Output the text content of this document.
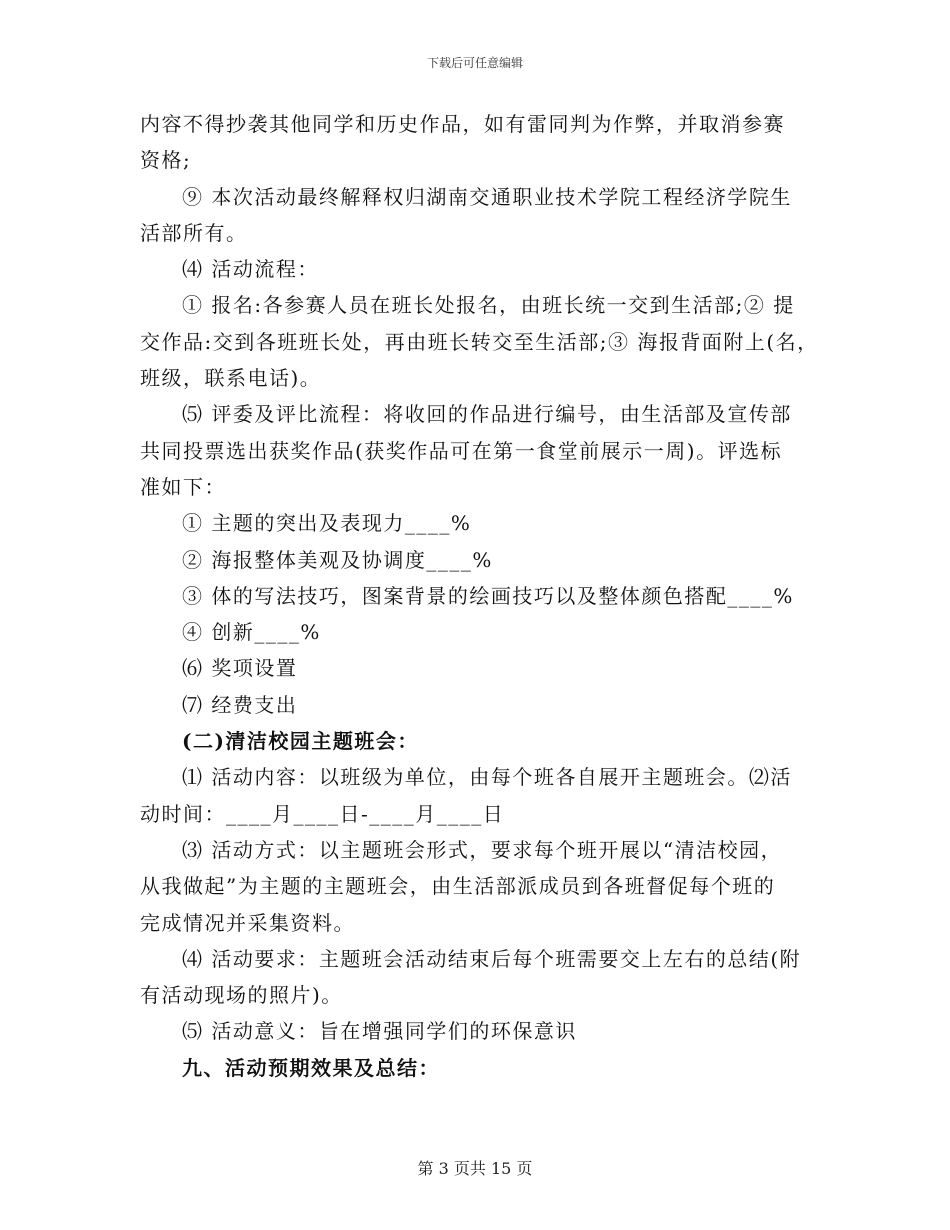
下载后可任意编辑
内容不得抄袭其他同学和历史作品，如有雷同判为作弊，并取消参赛
资格;
⑨ 本次活动最终解释权归湖南交通职业技术学院工程经济学院生
活部所有。
⑷ 活动流程：
① 报名:各参赛人员在班长处报名，由班长统一交到生活部;② 提
交作品:交到各班班长处，再由班长转交至生活部;③ 海报背面附上(名，
班级，联系电话)。
⑸ 评委及评比流程：将收回的作品进行编号，由生活部及宣传部
共同投票选出获奖作品(获奖作品可在第一食堂前展示一周)。评选标
准如下：
① 主题的突出及表现力____%
② 海报整体美观及协调度____%
③ 体的写法技巧，图案背景的绘画技巧以及整体颜色搭配____%
④ 创新____%
⑹ 奖项设置
⑺ 经费支出
(二)清洁校园主题班会：
⑴ 活动内容：以班级为单位，由每个班各自展开主题班会。⑵活
动时间：____月____日-____月____日
⑶ 活动方式：以主题班会形式，要求每个班开展以“清洁校园，
从我做起”为主题的主题班会，由生活部派成员到各班督促每个班的
完成情况并采集资料。
⑷ 活动要求：主题班会活动结束后每个班需要交上左右的总结(附
有活动现场的照片)。
⑸ 活动意义：旨在增强同学们的环保意识
九、活动预期效果及总结：
第 3 页共 15 页
